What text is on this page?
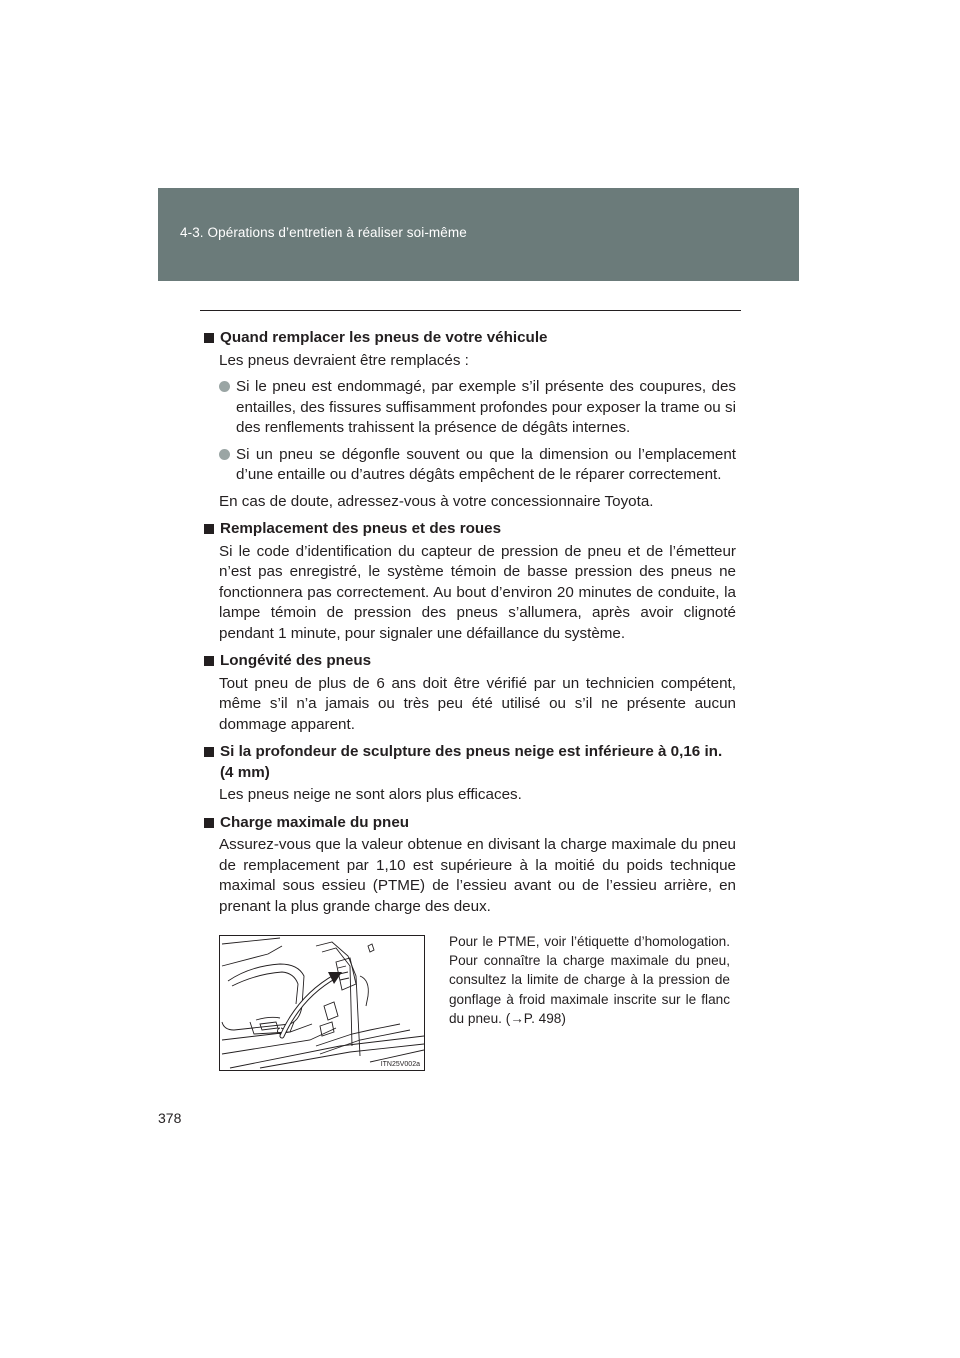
4-3. Opérations d’entretien à réaliser soi-même
Quand remplacer les pneus de votre véhicule
Les pneus devraient être remplacés :
Si le pneu est endommagé, par exemple s’il présente des coupures, des entailles, des fissures suffisamment profondes pour exposer la trame ou si des renflements trahissent la présence de dégâts internes.
Si un pneu se dégonfle souvent ou que la dimension ou l’emplacement d’une entaille ou d’autres dégâts empêchent de le réparer correctement.
En cas de doute, adressez-vous à votre concessionnaire Toyota.
Remplacement des pneus et des roues
Si le code d’identification du capteur de pression de pneu et de l’émetteur n’est pas enregistré, le système témoin de basse pression des pneus ne fonctionnera pas correctement. Au bout d’environ 20 minutes de conduite, la lampe témoin de pression des pneus s’allumera, après avoir clignoté pendant 1 minute, pour signaler une défaillance du système.
Longévité des pneus
Tout pneu de plus de 6 ans doit être vérifié par un technicien compétent, même s’il n’a jamais ou très peu été utilisé ou s’il ne présente aucun dommage apparent.
Si la profondeur de sculpture des pneus neige est inférieure à 0,16 in. (4 mm)
Les pneus neige ne sont alors plus efficaces.
Charge maximale du pneu
Assurez-vous que la valeur obtenue en divisant la charge maximale du pneu de remplacement par 1,10 est supérieure à la moitié du poids technique maximal sous essieu (PTME) de l’essieu avant ou de l’essieu arrière, en prenant la plus grande charge des deux.
ITN25V002a
Pour le PTME, voir l’étiquette d’homologation. Pour connaître la charge maximale du pneu, consultez la limite de charge à la pression de gonflage à froid maximale inscrite sur le flanc du pneu. (→P. 498)
378
